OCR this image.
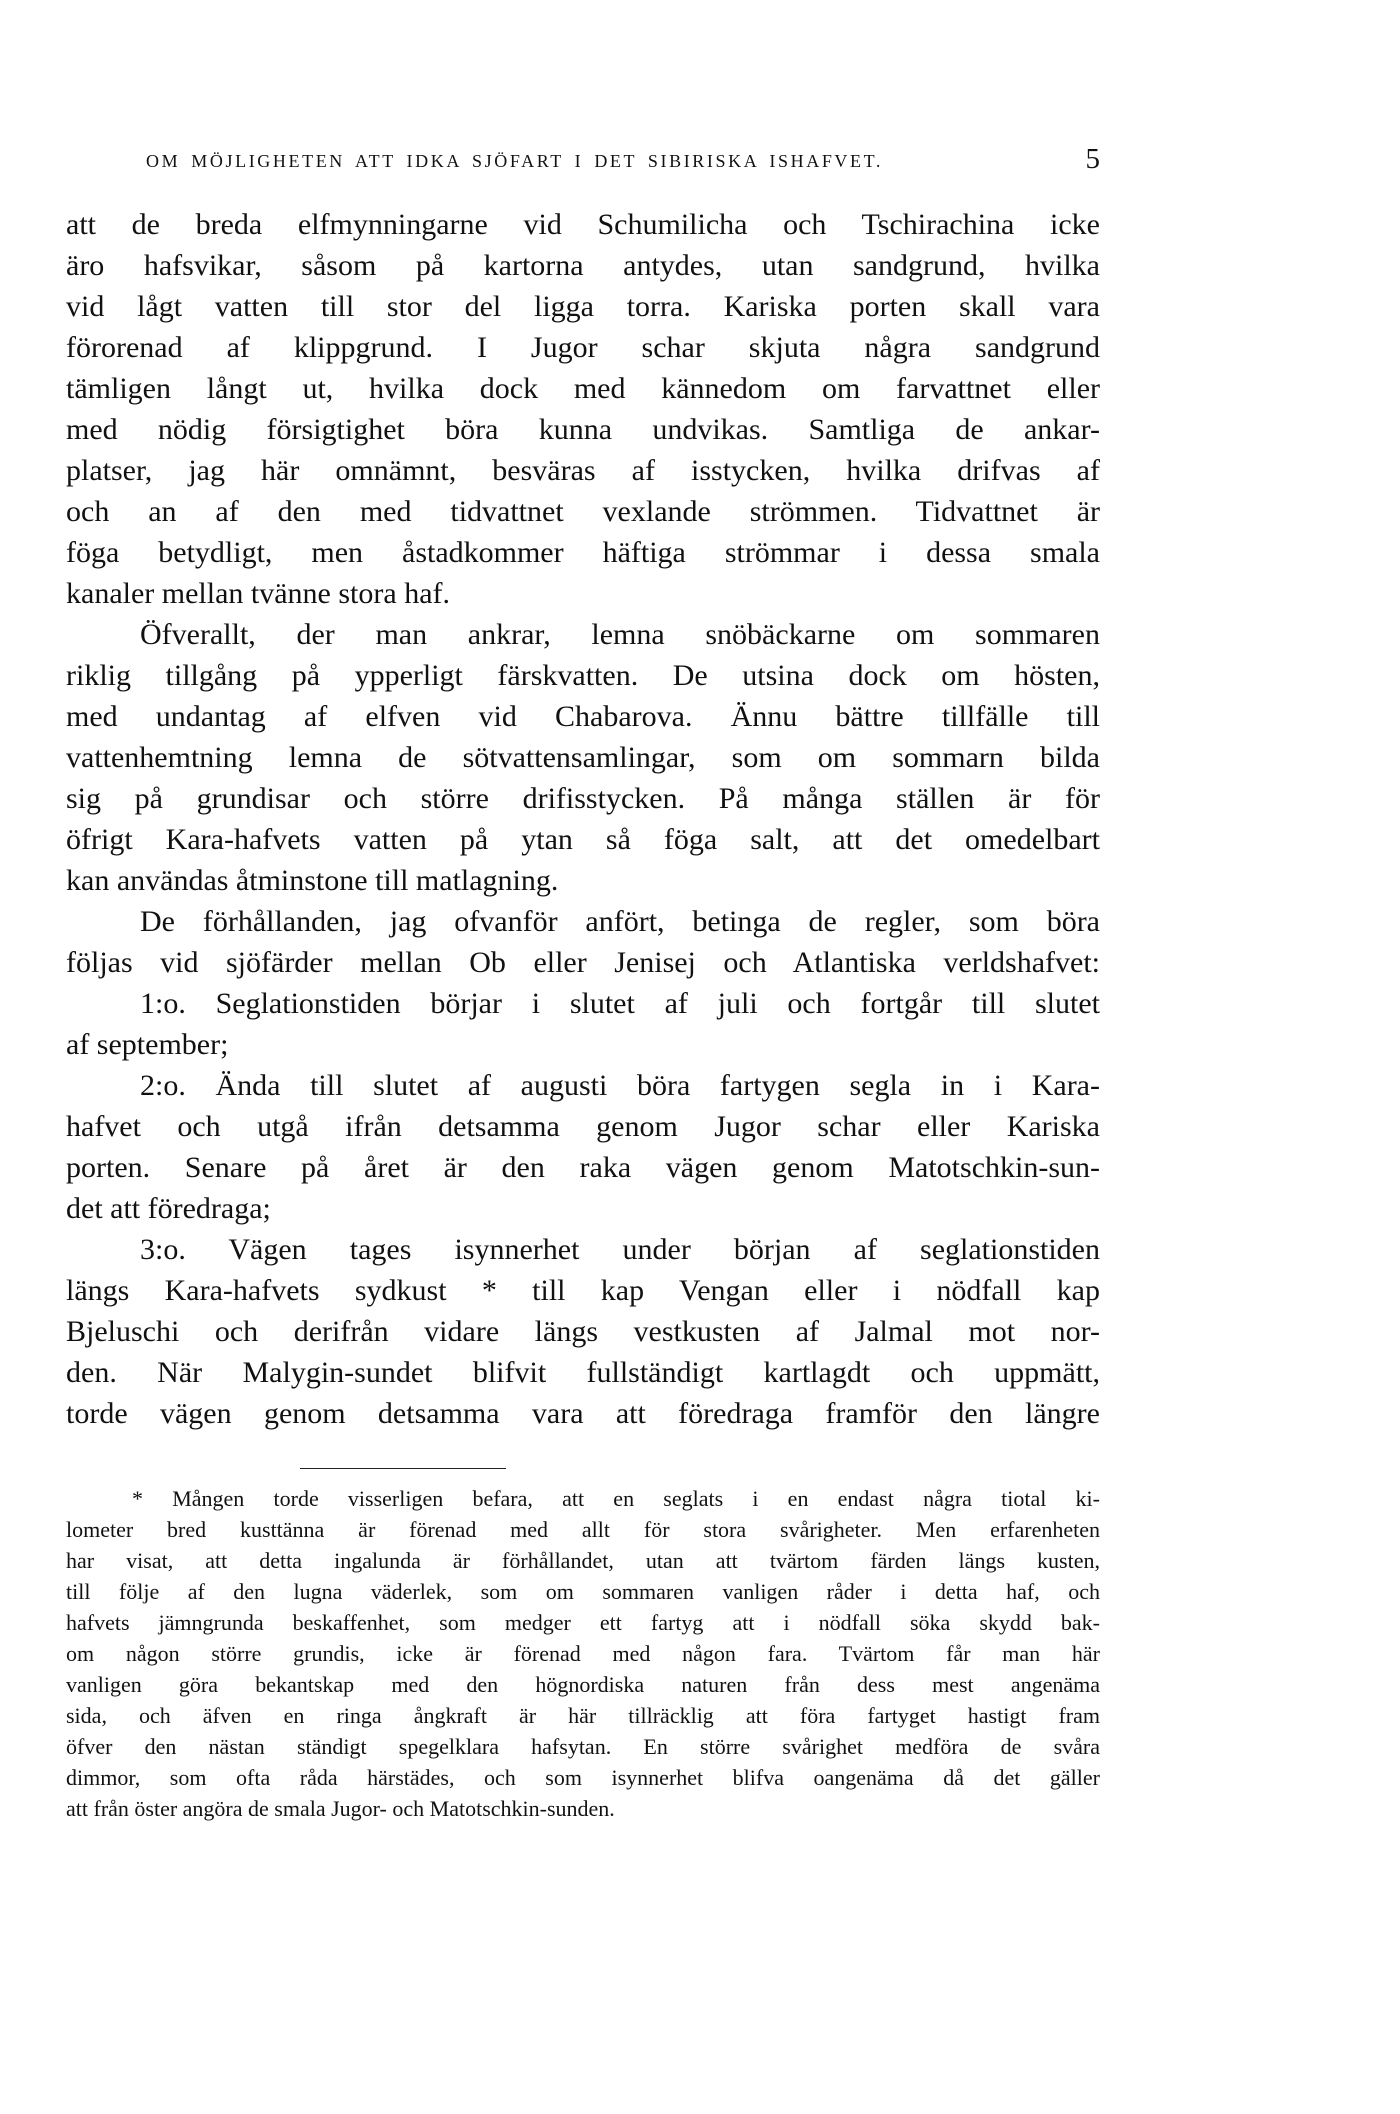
OM MÖJLIGHETEN ATT IDKA SJÖFART I DET SIBIRISKA ISHAFVET.	5
att de breda elfmynningarne vid Schumilicha och Tschirachina icke
äro hafsvikar, såsom på kartorna antydes, utan sandgrund, hvilka
vid lågt vatten till stor del ligga torra. Kariska porten skall vara
förorenad af klippgrund. I Jugor schar skjuta några sandgrund
tämligen långt ut, hvilka dock med kännedom om farvattnet eller
med nödig försigtighet böra kunna undvikas. Samtliga de ankar-
platser, jag här omnämnt, besväras af isstycken, hvilka drifvas af
och an af den med tidvattnet vexlande strömmen. Tidvattnet är
föga betydligt, men åstadkommer häftiga strömmar i dessa smala
kanaler mellan tvänne stora haf.
Öfverallt, der man ankrar, lemna snöbäckarne om sommaren
riklig tillgång på ypperligt färskvatten. De utsina dock om hösten,
med undantag af elfven vid Chabarova. Ännu bättre tillfälle till
vattenhemtning lemna de sötvattensamlingar, som om sommarn bilda
sig på grundisar och större drifisstycken. På många ställen är för
öfrigt Kara-hafvets vatten på ytan så föga salt, att det omedelbart
kan användas åtminstone till matlagning.
De förhållanden, jag ofvanför anfört, betinga de regler, som böra
följas vid sjöfärder mellan Ob eller Jenisej och Atlantiska verldshafvet:
1:o. Seglationstiden börjar i slutet af juli och fortgår till slutet
af september;
2:o. Ända till slutet af augusti böra fartygen segla in i Kara-
hafvet och utgå ifrån detsamma genom Jugor schar eller Kariska
porten. Senare på året är den raka vägen genom Matotschkin-sun-
det att föredraga;
3:o. Vägen tages isynnerhet under början af seglationstiden
längs Kara-hafvets sydkust * till kap Vengan eller i nödfall kap
Bjeluschi och derifrån vidare längs vestkusten af Jalmal mot nor-
den. När Malygin-sundet blifvit fullständigt kartlagdt och uppmätt,
torde vägen genom detsamma vara att föredraga framför den längre
* Mången torde visserligen befara, att en seglats i en endast några tiotal ki-
lometer bred kusttänna är förenad med allt för stora svårigheter. Men erfarenheten
har visat, att detta ingalunda är förhållandet, utan att tvärtom färden längs kusten,
till följe af den lugna väderlek, som om sommaren vanligen råder i detta haf, och
hafvets jämngrunda beskaffenhet, som medger ett fartyg att i nödfall söka skydd bak-
om någon större grundis, icke är förenad med någon fara. Tvärtom får man här
vanligen göra bekantskap med den högnordiska naturen från dess mest angenäma
sida, och äfven en ringa ångkraft är här tillräcklig att föra fartyget hastigt fram
öfver den nästan ständigt spegelklara hafsytan. En större svårighet medföra de svåra
dimmor, som ofta råda härstädes, och som isynnerhet blifva oangenäma då det gäller
att från öster angöra de smala Jugor- och Matotschkin-sunden.
